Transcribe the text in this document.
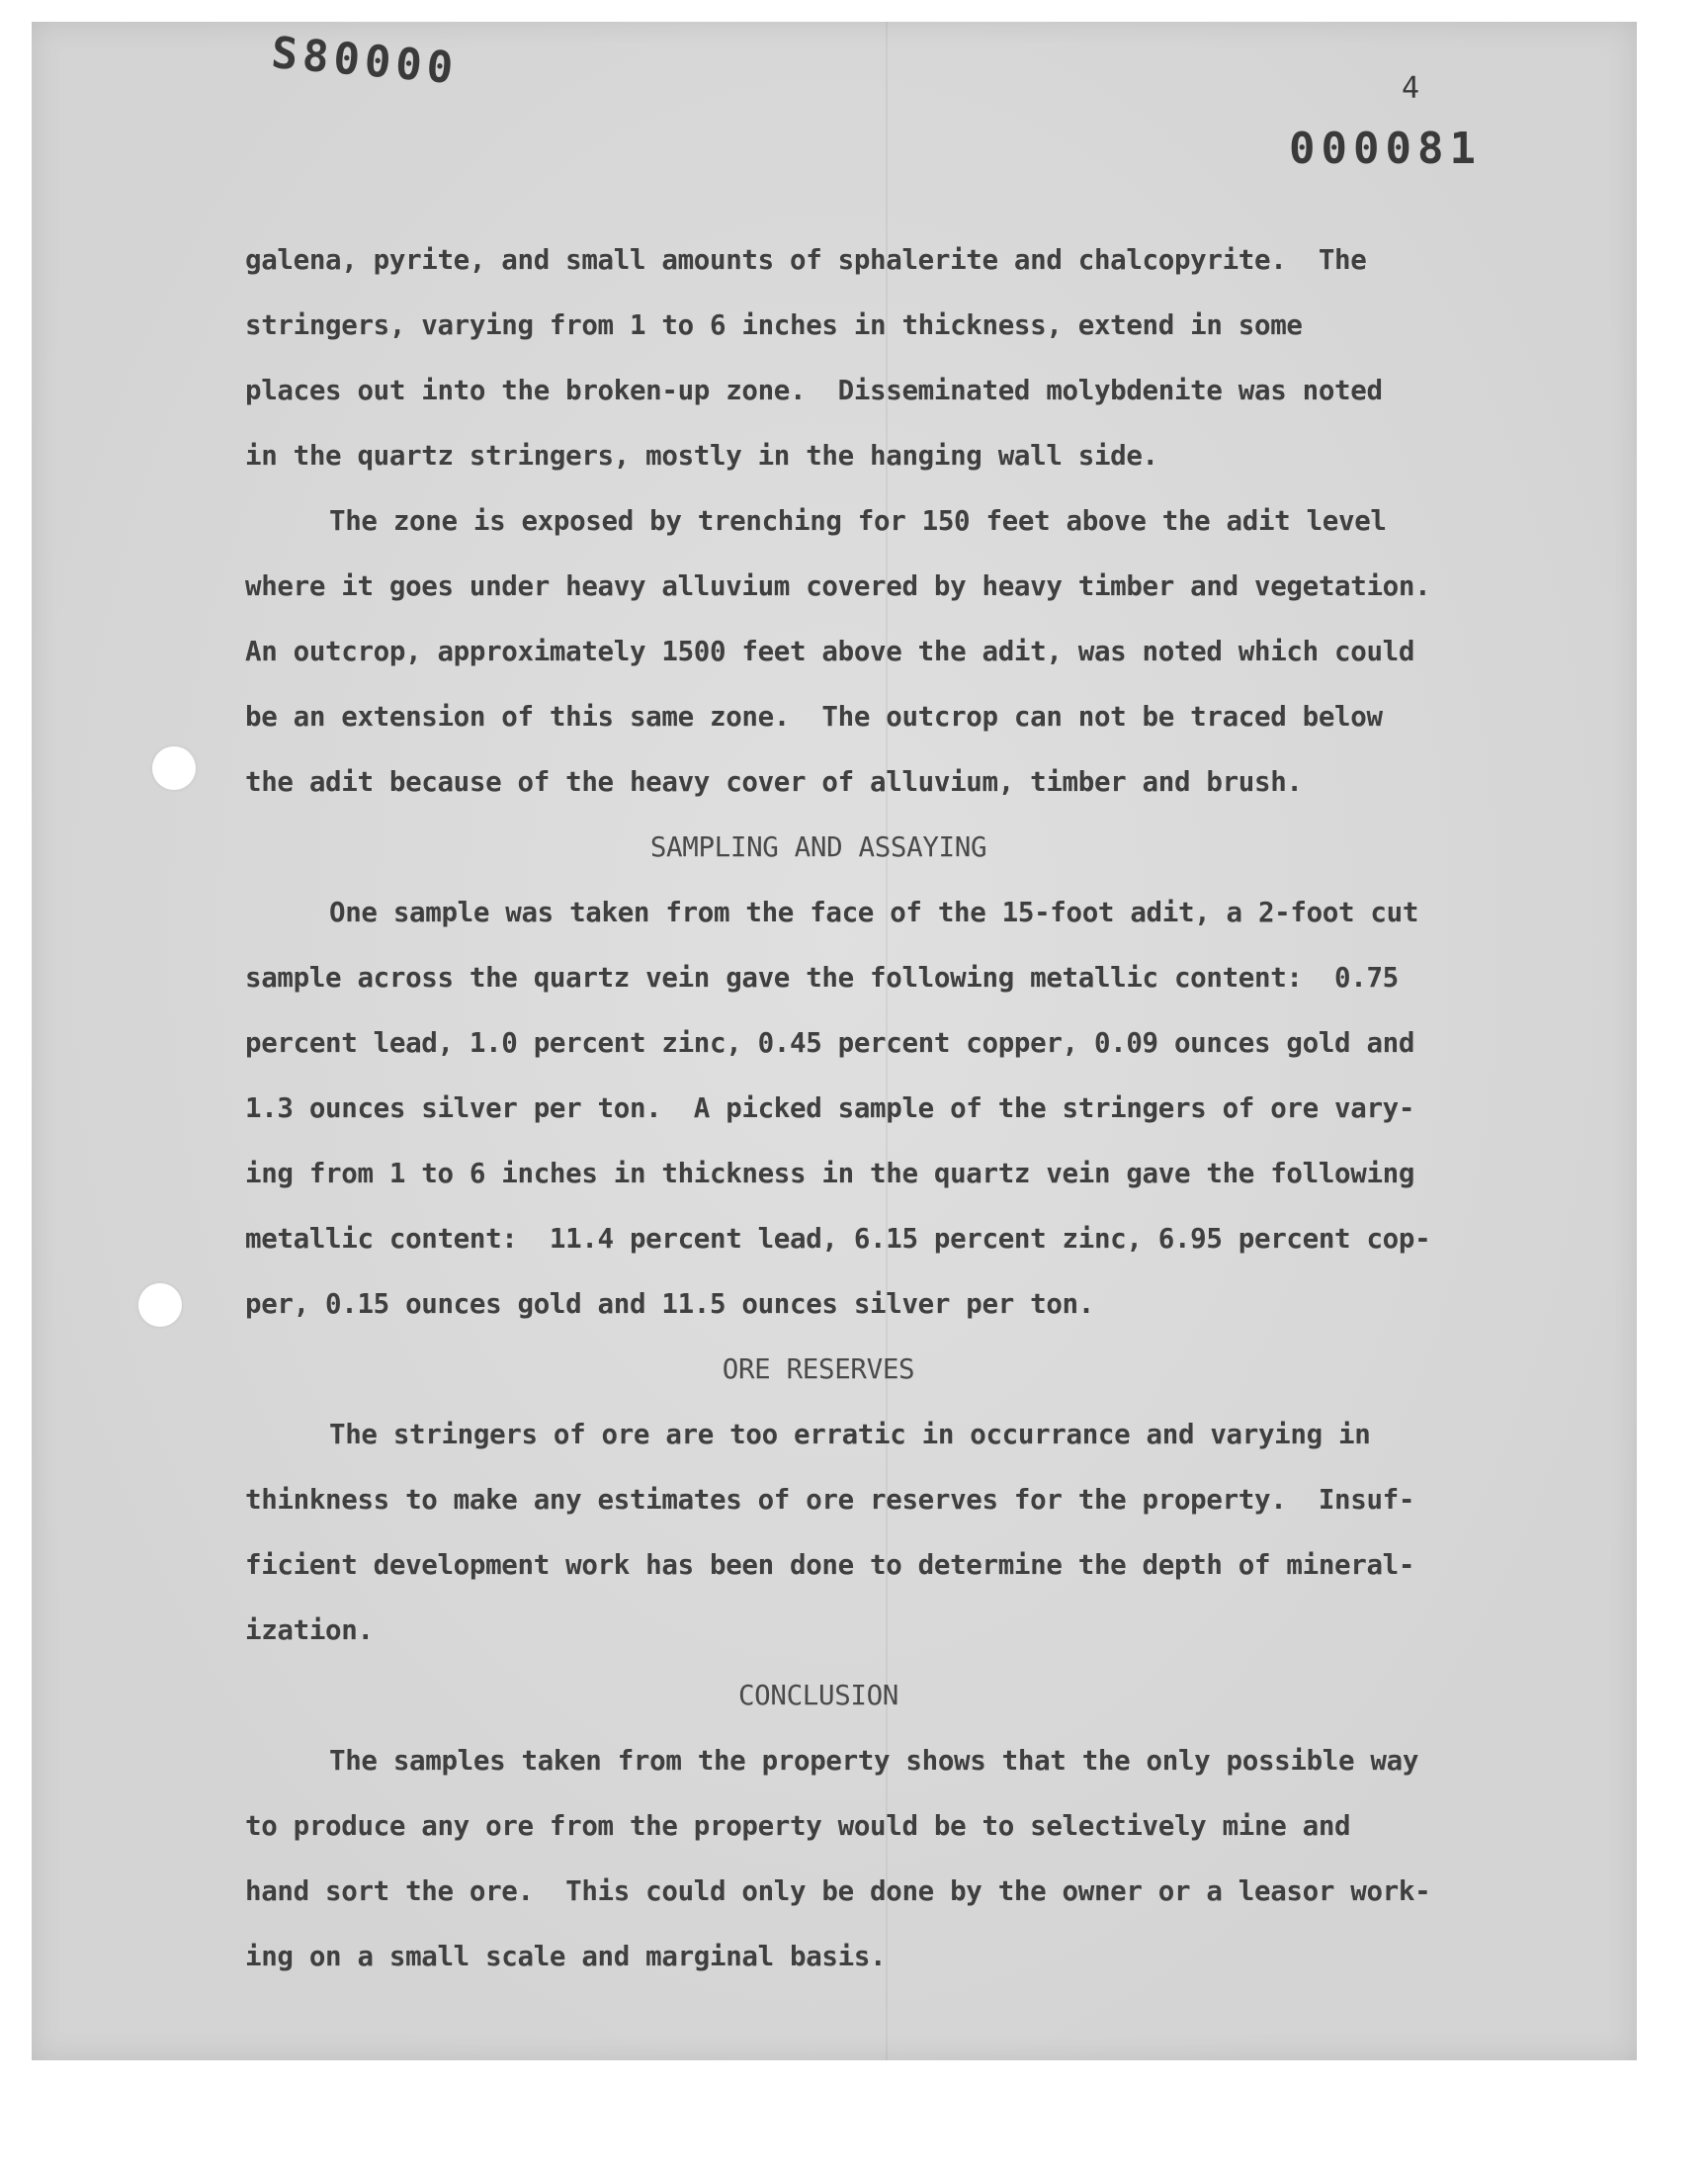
S80000	4
000081
galena, pyrite, and small amounts of sphalerite and chalcopyrite.  The
stringers, varying from 1 to 6 inches in thickness, extend in some
places out into the broken-up zone.  Disseminated molybdenite was noted
in the quartz stringers, mostly in the hanging wall side.
The zone is exposed by trenching for 150 feet above the adit level
where it goes under heavy alluvium covered by heavy timber and vegetation.
An outcrop, approximately 1500 feet above the adit, was noted which could
be an extension of this same zone.  The outcrop can not be traced below
the adit because of the heavy cover of alluvium, timber and brush.
SAMPLING AND ASSAYING
One sample was taken from the face of the 15-foot adit, a 2-foot cut
sample across the quartz vein gave the following metallic content:  0.75
percent lead, 1.0 percent zinc, 0.45 percent copper, 0.09 ounces gold and
1.3 ounces silver per ton.  A picked sample of the stringers of ore vary-
ing from 1 to 6 inches in thickness in the quartz vein gave the following
metallic content:  11.4 percent lead, 6.15 percent zinc, 6.95 percent cop-
per, 0.15 ounces gold and 11.5 ounces silver per ton.
ORE RESERVES
The stringers of ore are too erratic in occurrance and varying in
thinkness to make any estimates of ore reserves for the property.  Insuf-
ficient development work has been done to determine the depth of mineral-
ization.
CONCLUSION
The samples taken from the property shows that the only possible way
to produce any ore from the property would be to selectively mine and
hand sort the ore.  This could only be done by the owner or a leasor work-
ing on a small scale and marginal basis.
